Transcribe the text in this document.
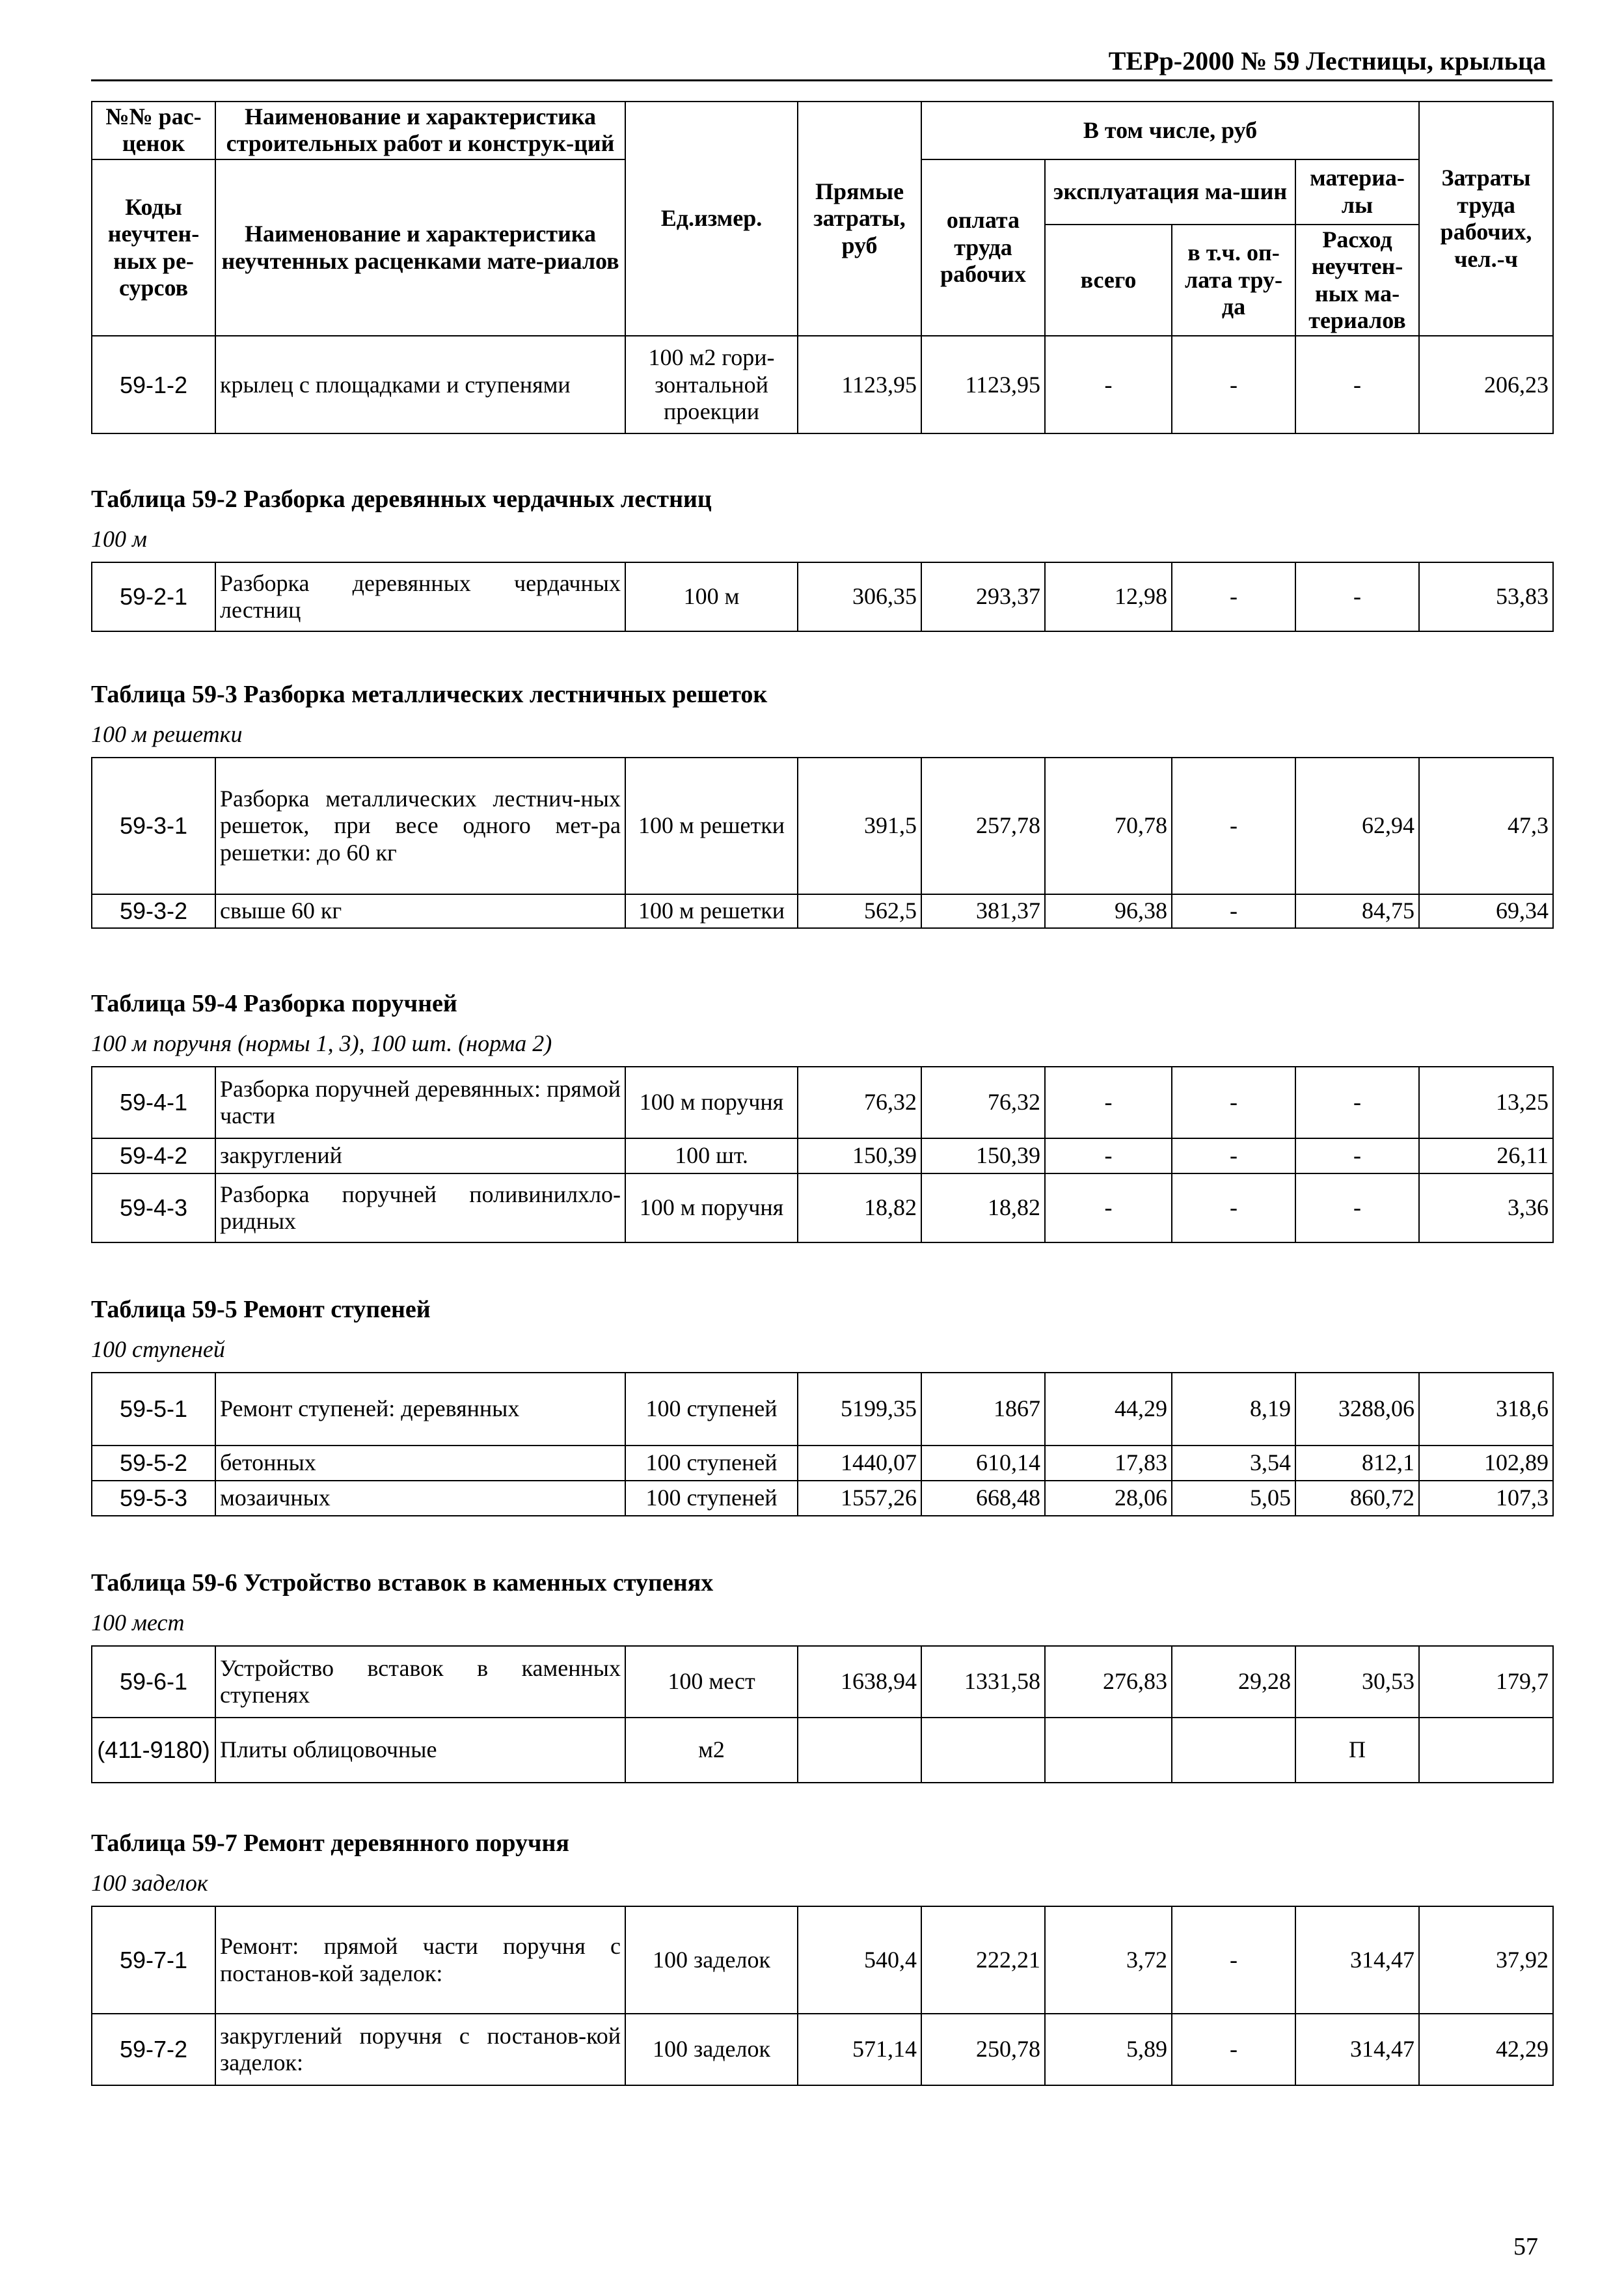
ТЕРр-2000 № 59 Лестницы, крыльца
№№ рас-ценок	Наименование и характеристика строительных работ и конструк-ций	Ед.измер.	Прямые затраты, руб	В том числе, руб				Затраты труда рабочих, чел.-ч
Коды неучтен-ных ре-сурсов	Наименование и характеристика неучтенных расценками мате-риалов			оплата труда рабочих	эксплуатация ма-шин		материа-лы	
					всего	в т.ч. оп-лата тру-да	Расход неучтен-ных ма-териалов	

59-1-2	крылец с площадками и ступенями	100 м2 гори-зонтальной проекции	1123,95	1123,95	-	-	-	206,23
Таблица 59-2 Разборка деревянных чердачных лестниц
100 м
59-2-1	Разборка деревянных чердачных лестниц	100 м	306,35	293,37	12,98	-	-	53,83
Таблица 59-3 Разборка металлических лестничных решеток
100 м решетки
59-3-1	Разборка металлических лестнич-ных решеток, при весе одного мет-ра решетки: до 60 кг	100 м решетки	391,5	257,78	70,78	-	62,94	47,3
59-3-2	свыше 60 кг	100 м решетки	562,5	381,37	96,38	-	84,75	69,34
Таблица 59-4 Разборка поручней
100 м поручня (нормы 1, 3), 100 шт. (норма 2)
59-4-1	Разборка поручней деревянных: прямой части	100 м поручня	76,32	76,32	-	-	-	13,25
59-4-2	закруглений	100 шт.	150,39	150,39	-	-	-	26,11
59-4-3	Разборка поручней поливинилхло-ридных	100 м поручня	18,82	18,82	-	-	-	3,36
Таблица 59-5 Ремонт ступеней
100 ступеней
59-5-1	Ремонт ступеней: деревянных	100 ступеней	5199,35	1867	44,29	8,19	3288,06	318,6
59-5-2	бетонных	100 ступеней	1440,07	610,14	17,83	3,54	812,1	102,89
59-5-3	мозаичных	100 ступеней	1557,26	668,48	28,06	5,05	860,72	107,3
Таблица 59-6 Устройство вставок в каменных ступенях
100 мест
59-6-1	Устройство вставок в каменных ступенях	100 мест	1638,94	1331,58	276,83	29,28	30,53	179,7
(411-9180)	Плиты облицовочные	м2					П	
Таблица 59-7 Ремонт деревянного поручня
100 заделок
59-7-1	Ремонт: прямой части поручня с постанов-кой заделок:	100 заделок	540,4	222,21	3,72	-	314,47	37,92
59-7-2	закруглений поручня с постанов-кой заделок:	100 заделок	571,14	250,78	5,89	-	314,47	42,29
57
